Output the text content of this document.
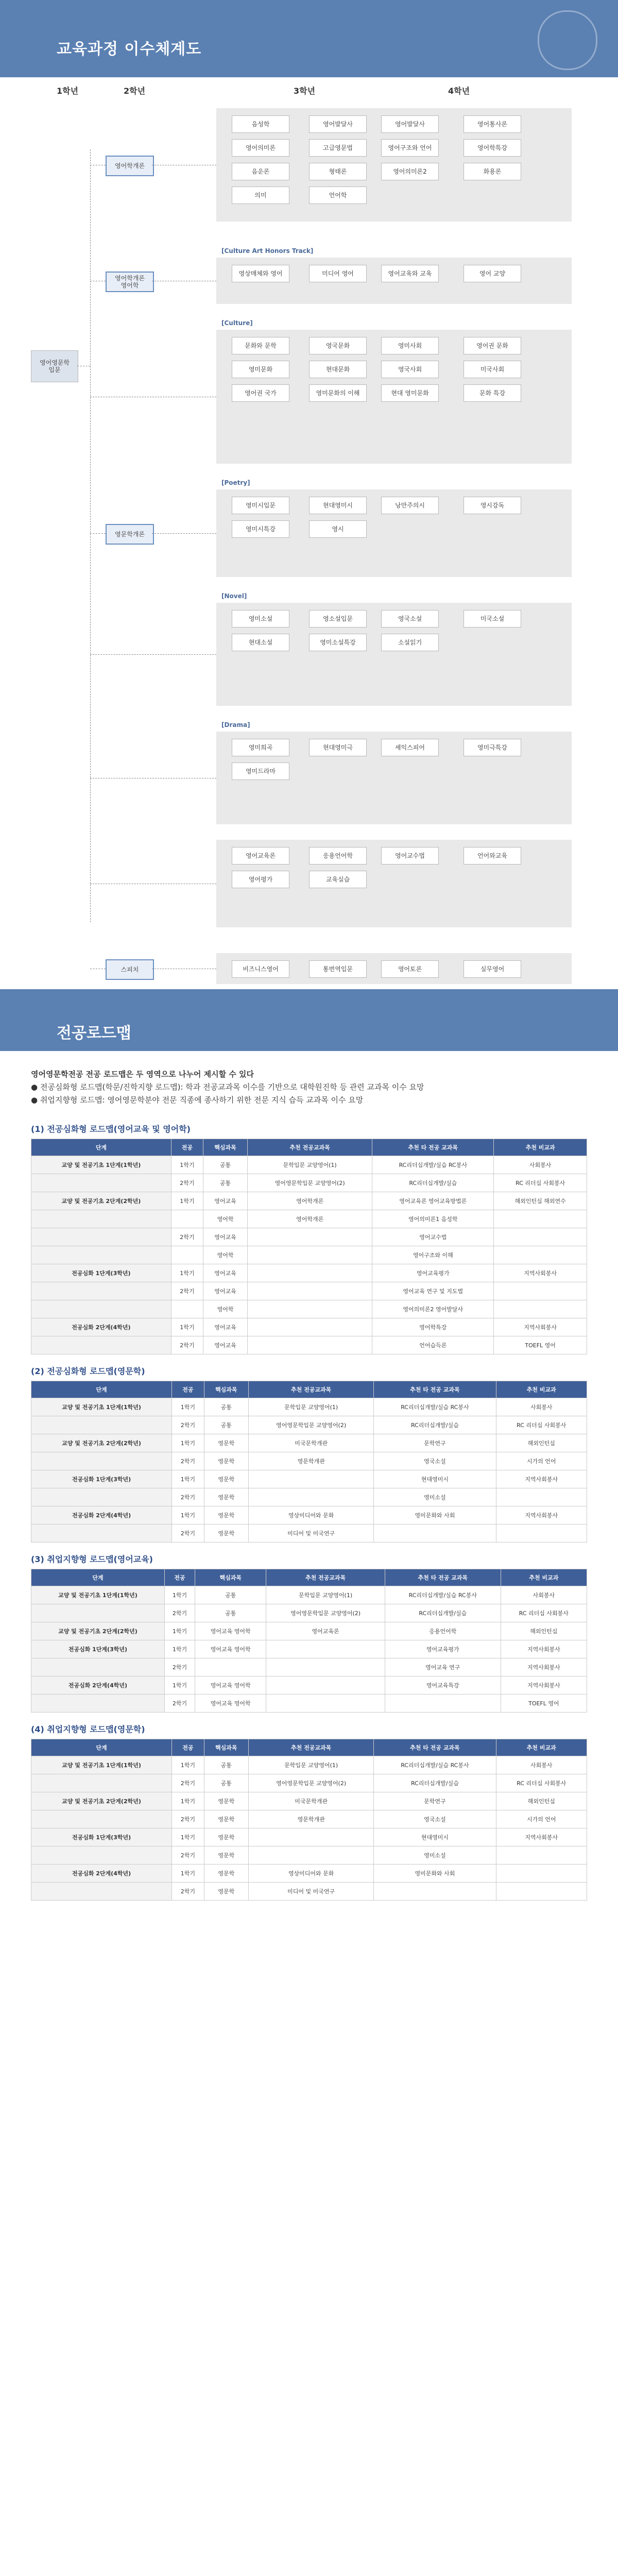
교육과정 이수체계도
1학년	2학년	3학년	4학년
영어영문학
입문
영어학개론
음성학	영어발달사	영어발달사	영어통사론
영어의미론	고급영문법	영어구조와 언어	영어학특강
음운론	형태론	영어의미론2	화용론
의미	언어학
[Culture Art Honors Track]
영어학개론
영어학
영상매체와 영어	미디어 영어	영어교육와 교육	영어 교양
[Culture]
문화와 문학	영국문화	영미사회	영어권 문화
영미문화	현대문화	영국사회	미국사회
영어권 국가	영미문화의 이해	현대 영미문화	문화 특강
[Poetry]
영문학개론
영미시입문	현대영미시	낭만주의시	영시강독
영미시특강	영시
[Novel]
영미소설	영소설입문	영국소설	미국소설
현대소설	영미소설특강	소설읽기
[Drama]
영미희곡	현대영미극	셰익스피어	영미극특강
영미드라마
영어교육론	응용언어학	영어교수법	언어와교육
영어평가	교육실습
스피치	비즈니스영어	통번역입문	영어토론	실무영어
전공로드맵

영어영문학전공 전공 로드맵은 두 영역으로 나누어 제시할 수 있다

● 전공심화형 로드맵(학문/진학지향 로드맵): 학과 전공교과목 이수를 기반으로 대학원진학 등 관련 교과목 이수 요망

● 취업지향형 로드맵: 영어영문학분야 전문 직종에 종사하기 위한 전문 지식 습득 교과목 이수 요망

(1) 전공심화형 로드맵(영어교육 및 영어학)
단계	전공	핵심과목	추천 전공교과목	추천 타 전공 교과목	추천 비교과
교양 및 전공기초 1단계(1학년)	1학기	공통	문학입문 교양영어(1)	RC리더십개발/실습 RC봉사	사회봉사
	2학기	공통	영어영문학입문 교양영어(2)	RC리더십개발/실습	RC 리더십 사회봉사
교양 및 전공기초 2단계(2학년)	1학기	영어교육	영어학개론	영어교육론 영어교육방법론	해외인턴십 해외연수
		영어학	영어학개론	영어의미론1 음성학	
	2학기	영어교육		영어교수법	
		영어학		영어구조와 이해	
전공심화 1단계(3학년)	1학기	영어교육		영어교육평가	지역사회봉사
	2학기	영어교육		영어교육 연구 및 지도법	
		영어학		영어의미론2 영어발달사	
전공심화 2단계(4학년)	1학기	영어교육		영어학특강	지역사회봉사
	2학기	영어교육		언어습득론	TOEFL 영어
(2) 전공심화형 로드맵(영문학)
단계	전공	핵심과목	추천 전공교과목	추천 타 전공 교과목	추천 비교과
교양 및 전공기초 1단계(1학년)	1학기	공통	문학입문 교양영어(1)	RC리더십개발/실습 RC봉사	사회봉사
	2학기	공통	영어영문학입문 교양영어(2)	RC리더십개발/실습	RC 리더십 사회봉사
교양 및 전공기초 2단계(2학년)	1학기	영문학	미국문학개관	문학연구	해외인턴십
	2학기	영문학	영문학개관	영국소설	시가의 언어
전공심화 1단계(3학년)	1학기	영문학		현대영미시	지역사회봉사
	2학기	영문학		영미소설	
전공심화 2단계(4학년)	1학기	영문학	영상미디어와 문화	영미문화와 사회	지역사회봉사
	2학기	영문학	미디어 및 미국연구		
(3) 취업지향형 로드맵(영어교육)
단계	전공	핵심과목	추천 전공교과목	추천 타 전공 교과목	추천 비교과
교양 및 전공기초 1단계(1학년)	1학기	공통	문학입문 교양영어(1)	RC리더십개발/실습 RC봉사	사회봉사
	2학기	공통	영어영문학입문 교양영어(2)	RC리더십개발/실습	RC 리더십 사회봉사
교양 및 전공기초 2단계(2학년)	1학기	영어교육 영어학	영어교육론	응용언어학	해외인턴십
전공심화 1단계(3학년)	1학기	영어교육 영어학		영어교육평가	지역사회봉사
	2학기			영어교육 연구	지역사회봉사
전공심화 2단계(4학년)	1학기	영어교육 영어학		영어교육특강	지역사회봉사
	2학기	영어교육 영어학			TOEFL 영어
(4) 취업지향형 로드맵(영문학)
단계	전공	핵심과목	추천 전공교과목	추천 타 전공 교과목	추천 비교과
교양 및 전공기초 1단계(1학년)	1학기	공통	문학입문 교양영어(1)	RC리더십개발/실습 RC봉사	사회봉사
	2학기	공통	영어영문학입문 교양영어(2)	RC리더십개발/실습	RC 리더십 사회봉사
교양 및 전공기초 2단계(2학년)	1학기	영문학	미국문학개관	문학연구	해외인턴십
	2학기	영문학	영문학개관	영국소설	시가의 언어
전공심화 1단계(3학년)	1학기	영문학		현대영미시	지역사회봉사
	2학기	영문학		영미소설	
전공심화 2단계(4학년)	1학기	영문학	영상미디어와 문화	영미문화와 사회	
	2학기	영문학	미디어 및 미국연구		
